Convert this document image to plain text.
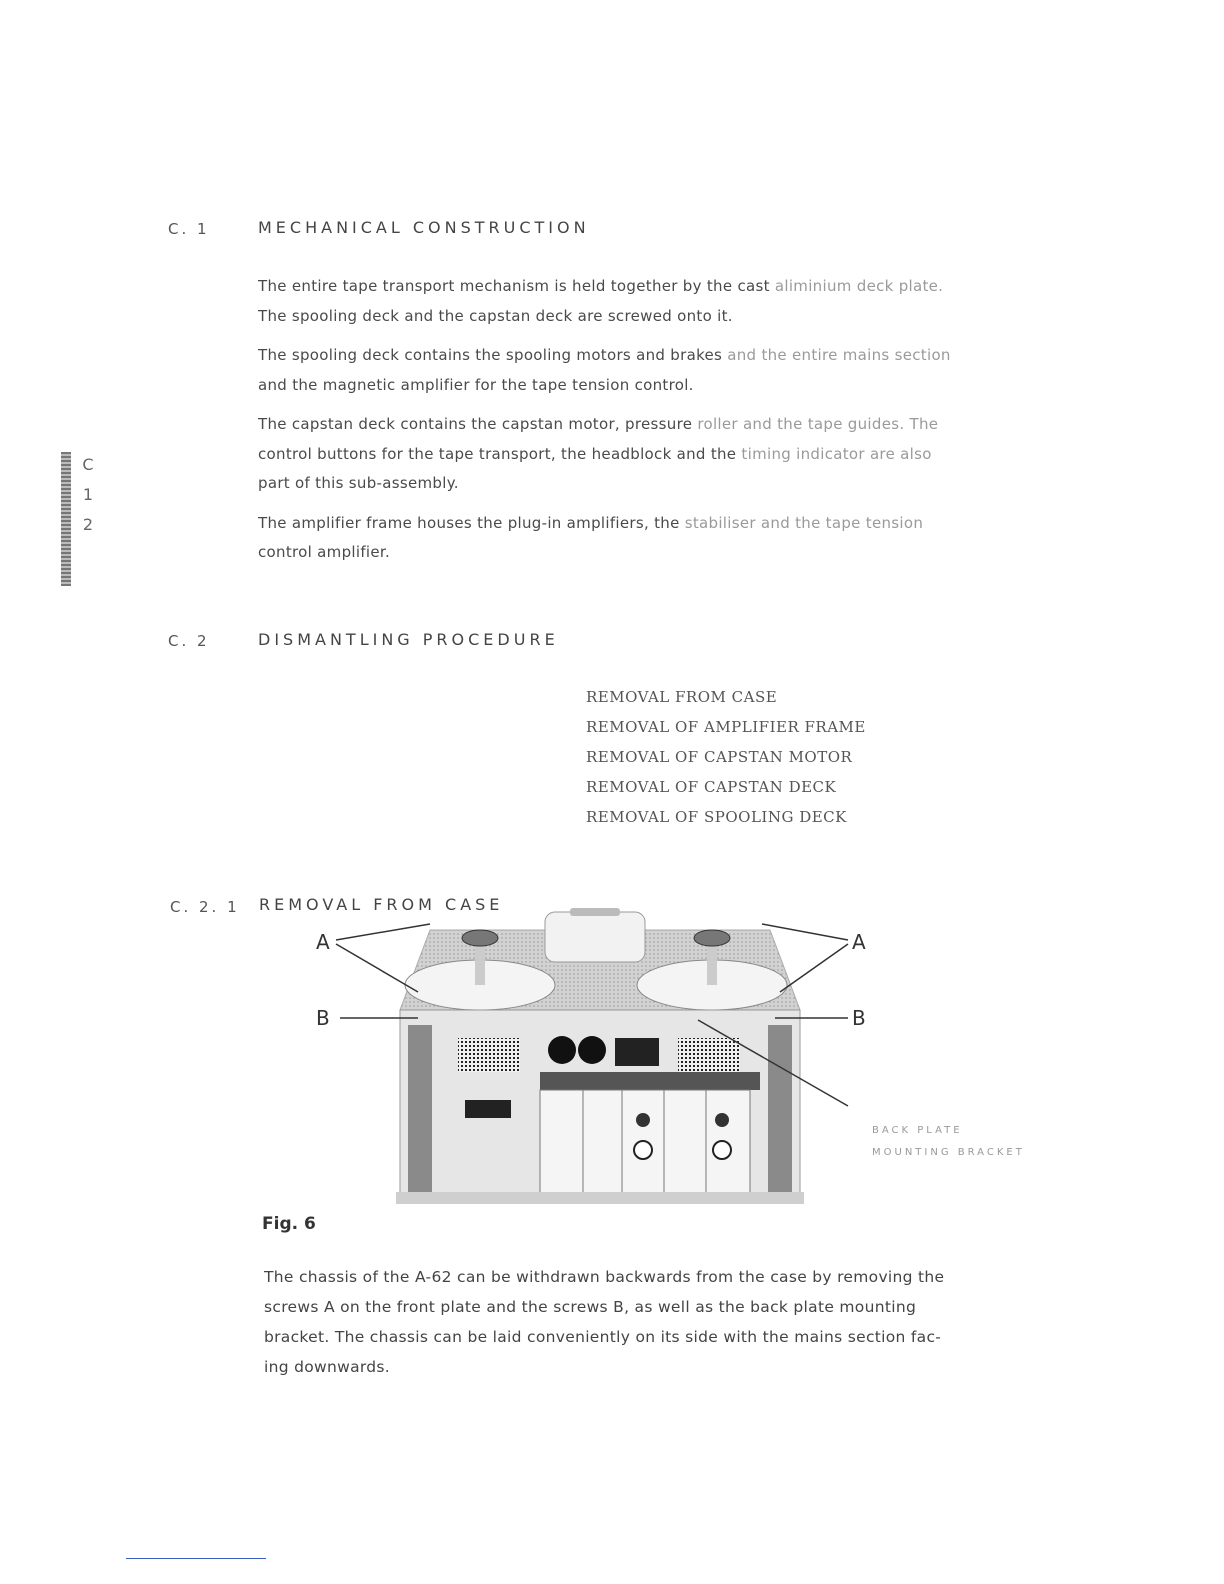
C
1
2
C. 1	MECHANICAL CONSTRUCTION

The entire tape transport mechanism is held together by the cast aliminium deck plate.
The spooling deck and the capstan deck are screwed onto it.

The spooling deck contains the spooling motors and brakes and the entire mains section
and the magnetic amplifier for the tape tension control.

The capstan deck contains the capstan motor, pressure roller and the tape guides. The
control buttons for the tape transport, the headblock and the timing indicator are also
part of this sub-assembly.

The amplifier frame houses the plug-in amplifiers, the stabiliser and the tape tension
control amplifier.

C. 2	DISMANTLING PROCEDURE
REMOVAL FROM CASE
REMOVAL OF AMPLIFIER FRAME
REMOVAL OF CAPSTAN MOTOR
REMOVAL OF CAPSTAN DECK
REMOVAL OF SPOOLING DECK
C. 2. 1 REMOVAL FROM CASE
A	A
B	B
BACK PLATE
MOUNTING BRACKET
Fig. 6

The chassis of the A-62 can be withdrawn backwards from the case by removing the
screws A on the front plate and the screws B, as well as the back plate mounting
bracket. The chassis can be laid conveniently on its side with the mains section fac-
ing downwards.
